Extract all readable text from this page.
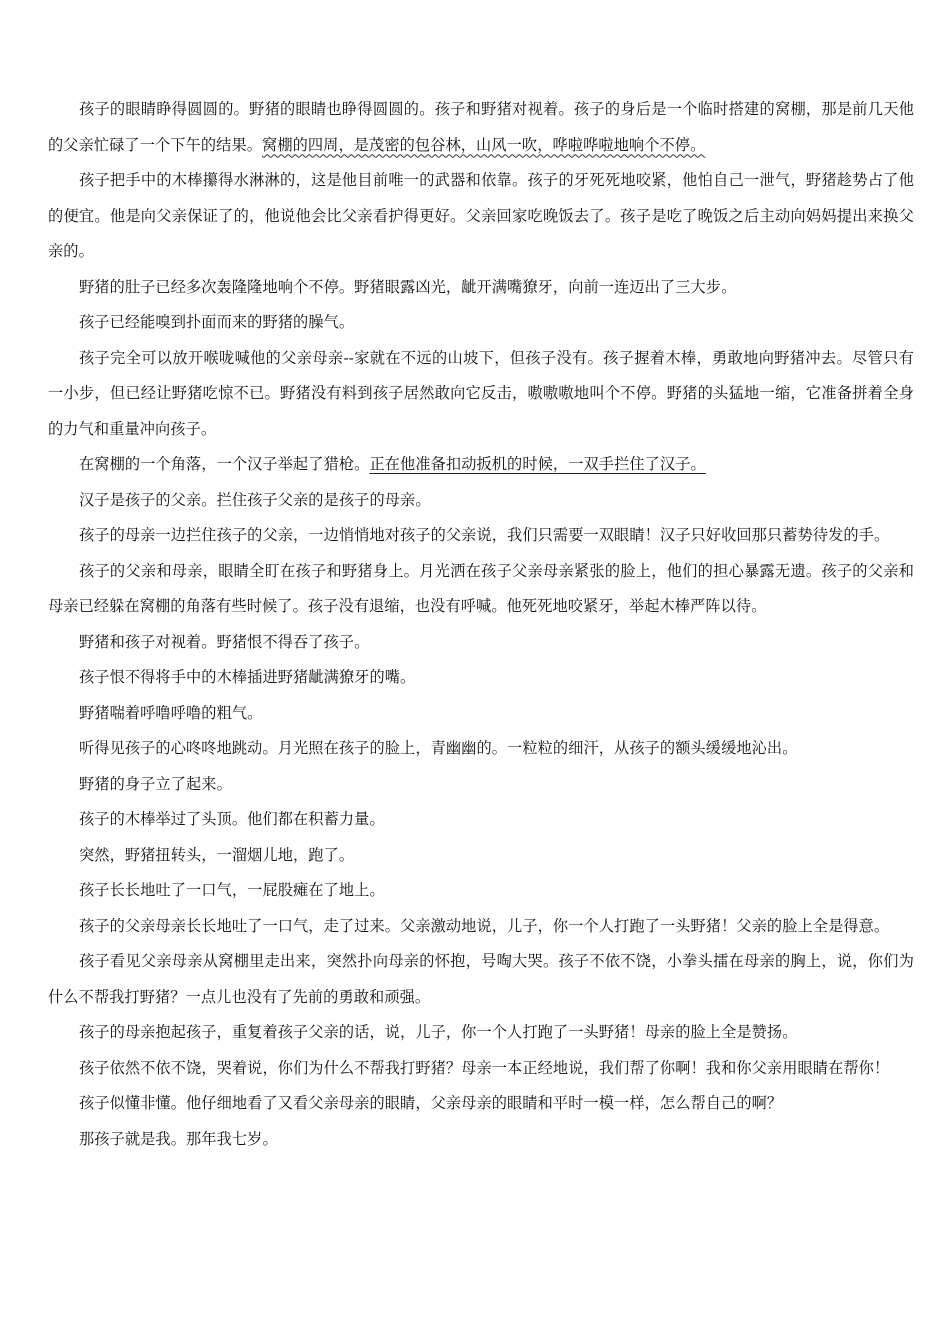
孩子的眼睛睁得圆圆的。野猪的眼睛也睁得圆圆的。孩子和野猪对视着。孩子的身后是一个临时搭建的窝棚，那是前几天他的父亲忙碌了一个下午的结果。窝棚的四周，是茂密的包谷林，山风一吹，哗啦哗啦地响个不停。

孩子把手中的木棒攥得水淋淋的，这是他目前唯一的武器和依靠。孩子的牙死死地咬紧，他怕自己一泄气，野猪趁势占了他的便宜。他是向父亲保证了的，他说他会比父亲看护得更好。父亲回家吃晚饭去了。孩子是吃了晚饭之后主动向妈妈提出来换父亲的。

野猪的肚子已经多次轰隆隆地响个不停。野猪眼露凶光，龇开满嘴獠牙，向前一连迈出了三大步。

孩子已经能嗅到扑面而来的野猪的臊气。

孩子完全可以放开喉咙喊他的父亲母亲--家就在不远的山坡下，但孩子没有。孩子握着木棒，勇敢地向野猪冲去。尽管只有一小步，但已经让野猪吃惊不已。野猪没有料到孩子居然敢向它反击，嗷嗷嗷地叫个不停。野猪的头猛地一缩，它准备拼着全身的力气和重量冲向孩子。

在窝棚的一个角落，一个汉子举起了猎枪。正在他准备扣动扳机的时候，一双手拦住了汉子。

汉子是孩子的父亲。拦住孩子父亲的是孩子的母亲。

孩子的母亲一边拦住孩子的父亲，一边悄悄地对孩子的父亲说，我们只需要一双眼睛！汉子只好收回那只蓄势待发的手。

孩子的父亲和母亲，眼睛全盯在孩子和野猪身上。月光洒在孩子父亲母亲紧张的脸上，他们的担心暴露无遗。孩子的父亲和母亲已经躲在窝棚的角落有些时候了。孩子没有退缩，也没有呼喊。他死死地咬紧牙，举起木棒严阵以待。

野猪和孩子对视着。野猪恨不得吞了孩子。

孩子恨不得将手中的木棒插进野猪龇满獠牙的嘴。

野猪喘着呼噜呼噜的粗气。

听得见孩子的心咚咚地跳动。月光照在孩子的脸上，青幽幽的。一粒粒的细汗，从孩子的额头缓缓地沁出。

野猪的身子立了起来。

孩子的木棒举过了头顶。他们都在积蓄力量。

突然，野猪扭转头，一溜烟儿地，跑了。

孩子长长地吐了一口气，一屁股瘫在了地上。

孩子的父亲母亲长长地吐了一口气，走了过来。父亲激动地说，儿子，你一个人打跑了一头野猪！父亲的脸上全是得意。

孩子看见父亲母亲从窝棚里走出来，突然扑向母亲的怀抱，号啕大哭。孩子不依不饶，小拳头擂在母亲的胸上，说，你们为什么不帮我打野猪？一点儿也没有了先前的勇敢和顽强。

孩子的母亲抱起孩子，重复着孩子父亲的话，说，儿子，你一个人打跑了一头野猪！母亲的脸上全是赞扬。

孩子依然不依不饶，哭着说，你们为什么不帮我打野猪？母亲一本正经地说，我们帮了你啊！我和你父亲用眼睛在帮你！

孩子似懂非懂。他仔细地看了又看父亲母亲的眼睛，父亲母亲的眼睛和平时一模一样，怎么帮自己的啊？

那孩子就是我。那年我七岁。
